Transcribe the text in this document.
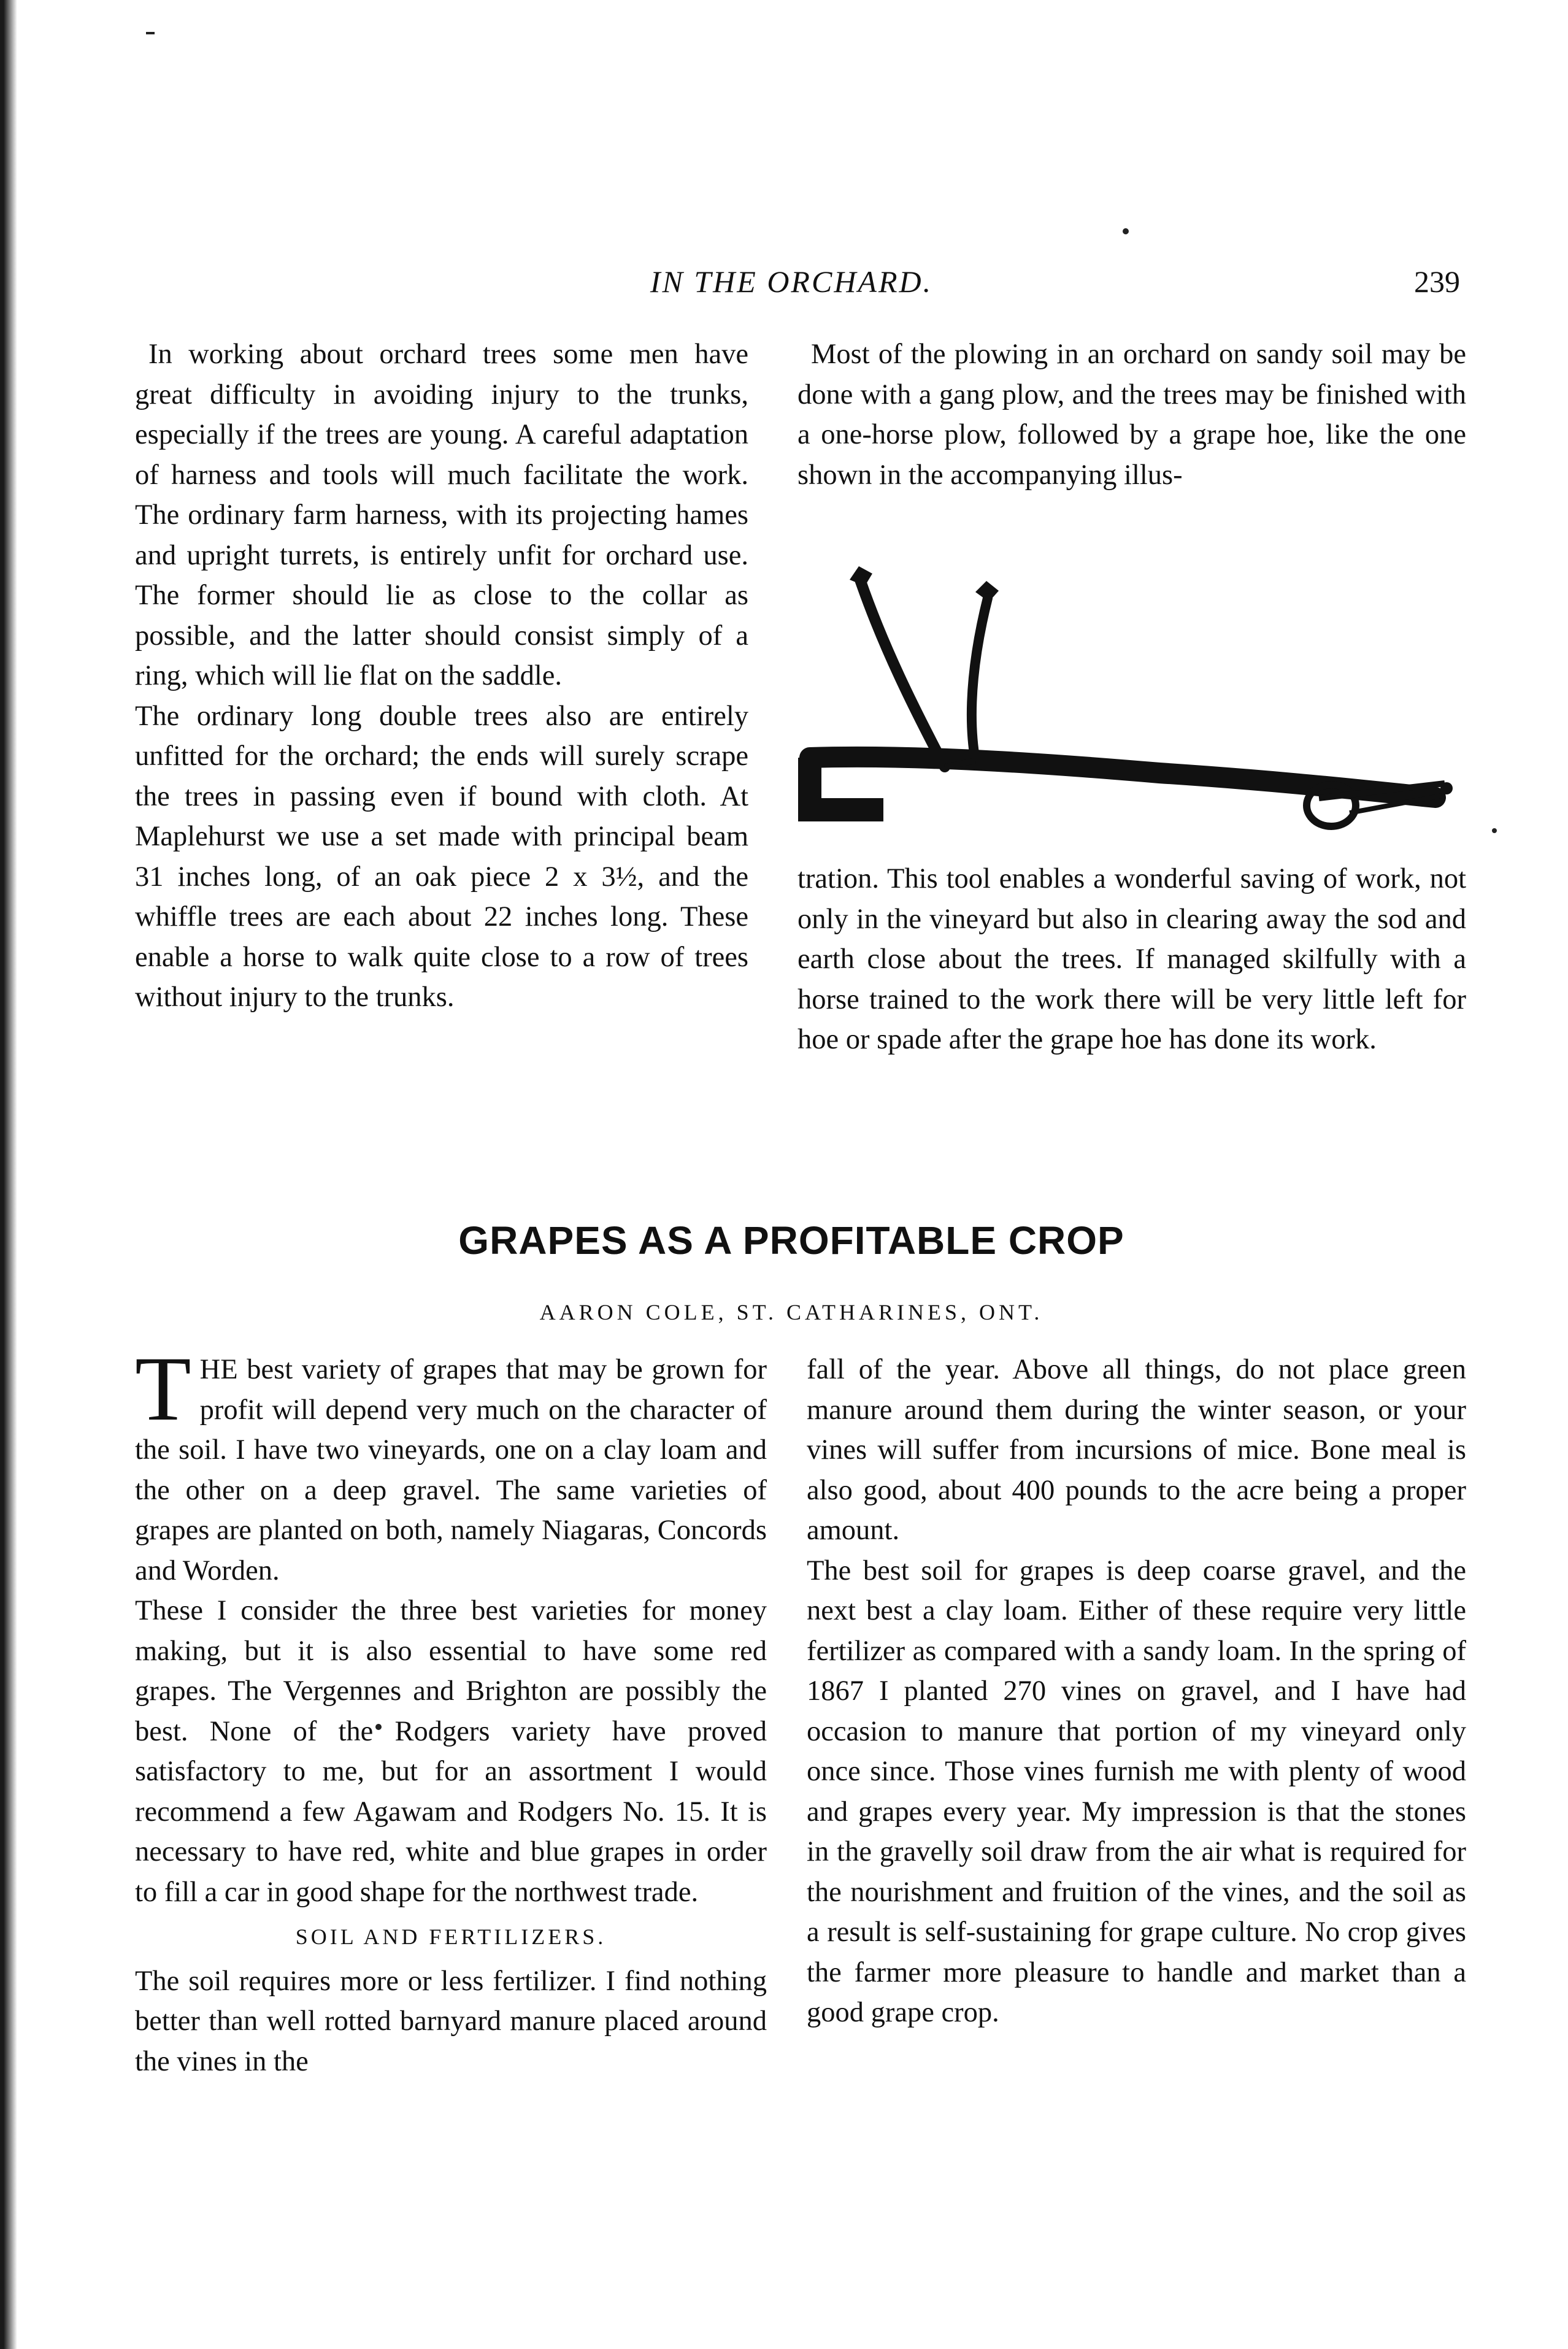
IN THE ORCHARD.	239

In working about orchard trees some men have great difficulty in avoiding injury to the trunks, especially if the trees are young. A careful adaptation of harness and tools will much facilitate the work. The ordinary farm harness, with its projecting hames and upright turrets, is entirely unfit for orchard use. The former should lie as close to the collar as possible, and the latter should consist simply of a ring, which will lie flat on the saddle.

The ordinary long double trees also are entirely unfitted for the orchard; the ends will surely scrape the trees in passing even if bound with cloth. At Maplehurst we use a set made with principal beam 31 inches long, of an oak piece 2 x 3½, and the whiffle trees are each about 22 inches long. These enable a horse to walk quite close to a row of trees without injury to the trunks.

Most of the plowing in an orchard on sandy soil may be done with a gang plow, and the trees may be finished with a one-horse plow, followed by a grape hoe, like the one shown in the accompanying illus-

tration. This tool enables a wonderful saving of work, not only in the vineyard but also in clearing away the sod and earth close about the trees. If managed skilfully with a horse trained to the work there will be very little left for hoe or spade after the grape hoe has done its work.

GRAPES AS A PROFITABLE CROP
AARON COLE, ST. CATHARINES, ONT.

THE best variety of grapes that may be grown for profit will depend very much on the character of the soil. I have two vineyards, one on a clay loam and the other on a deep gravel. The same varieties of grapes are planted on both, namely Niagaras, Concords and Worden.

These I consider the three best varieties for money making, but it is also essential to have some red grapes. The Vergennes and Brighton are possibly the best. None of the Rodgers variety have proved satisfactory to me, but for an assortment I would recommend a few Agawam and Rodgers No. 15. It is necessary to have red, white and blue grapes in order to fill a car in good shape for the northwest trade.

SOIL AND FERTILIZERS.

The soil requires more or less fertilizer. I find nothing better than well rotted barnyard manure placed around the vines in the

fall of the year. Above all things, do not place green manure around them during the winter season, or your vines will suffer from incursions of mice. Bone meal is also good, about 400 pounds to the acre being a proper amount.

The best soil for grapes is deep coarse gravel, and the next best a clay loam. Either of these require very little fertilizer as compared with a sandy loam. In the spring of 1867 I planted 270 vines on gravel, and I have had occasion to manure that portion of my vineyard only once since. Those vines furnish me with plenty of wood and grapes every year. My impression is that the stones in the gravelly soil draw from the air what is required for the nourishment and fruition of the vines, and the soil as a result is self-sustaining for grape culture. No crop gives the farmer more pleasure to handle and market than a good grape crop.
